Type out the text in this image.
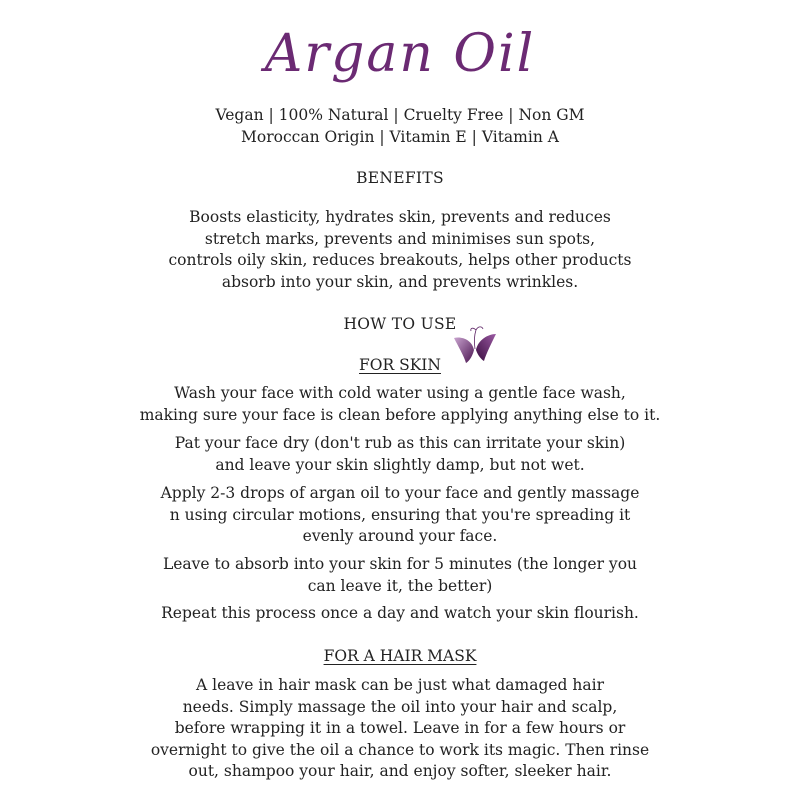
Argan Oil
Vegan | 100% Natural | Cruelty Free | Non GM
Moroccan Origin | Vitamin E | Vitamin A
BENEFITS

Boosts elasticity, hydrates skin, prevents and reduces

stretch marks, prevents and minimises sun spots,

controls oily skin, reduces breakouts, helps other products

absorb into your skin, and prevents wrinkles.

HOW TO USE
FOR SKIN

Wash your face with cold water using a gentle face wash,

making sure your face is clean before applying anything else to it.

Pat your face dry (don't rub as this can irritate your skin)

and leave your skin slightly damp, but not wet.

Apply 2-3 drops of argan oil to your face and gently massage

n using circular motions, ensuring that you're spreading it

evenly around your face.

Leave to absorb into your skin for 5 minutes (the longer you

can leave it, the better)

Repeat this process once a day and watch your skin flourish.

FOR A HAIR MASK

A leave in hair mask can be just what damaged hair

needs. Simply massage the oil into your hair and scalp,

before wrapping it in a towel. Leave in for a few hours or

overnight to give the oil a chance to work its magic. Then rinse

out, shampoo your hair, and enjoy softer, sleeker hair.
